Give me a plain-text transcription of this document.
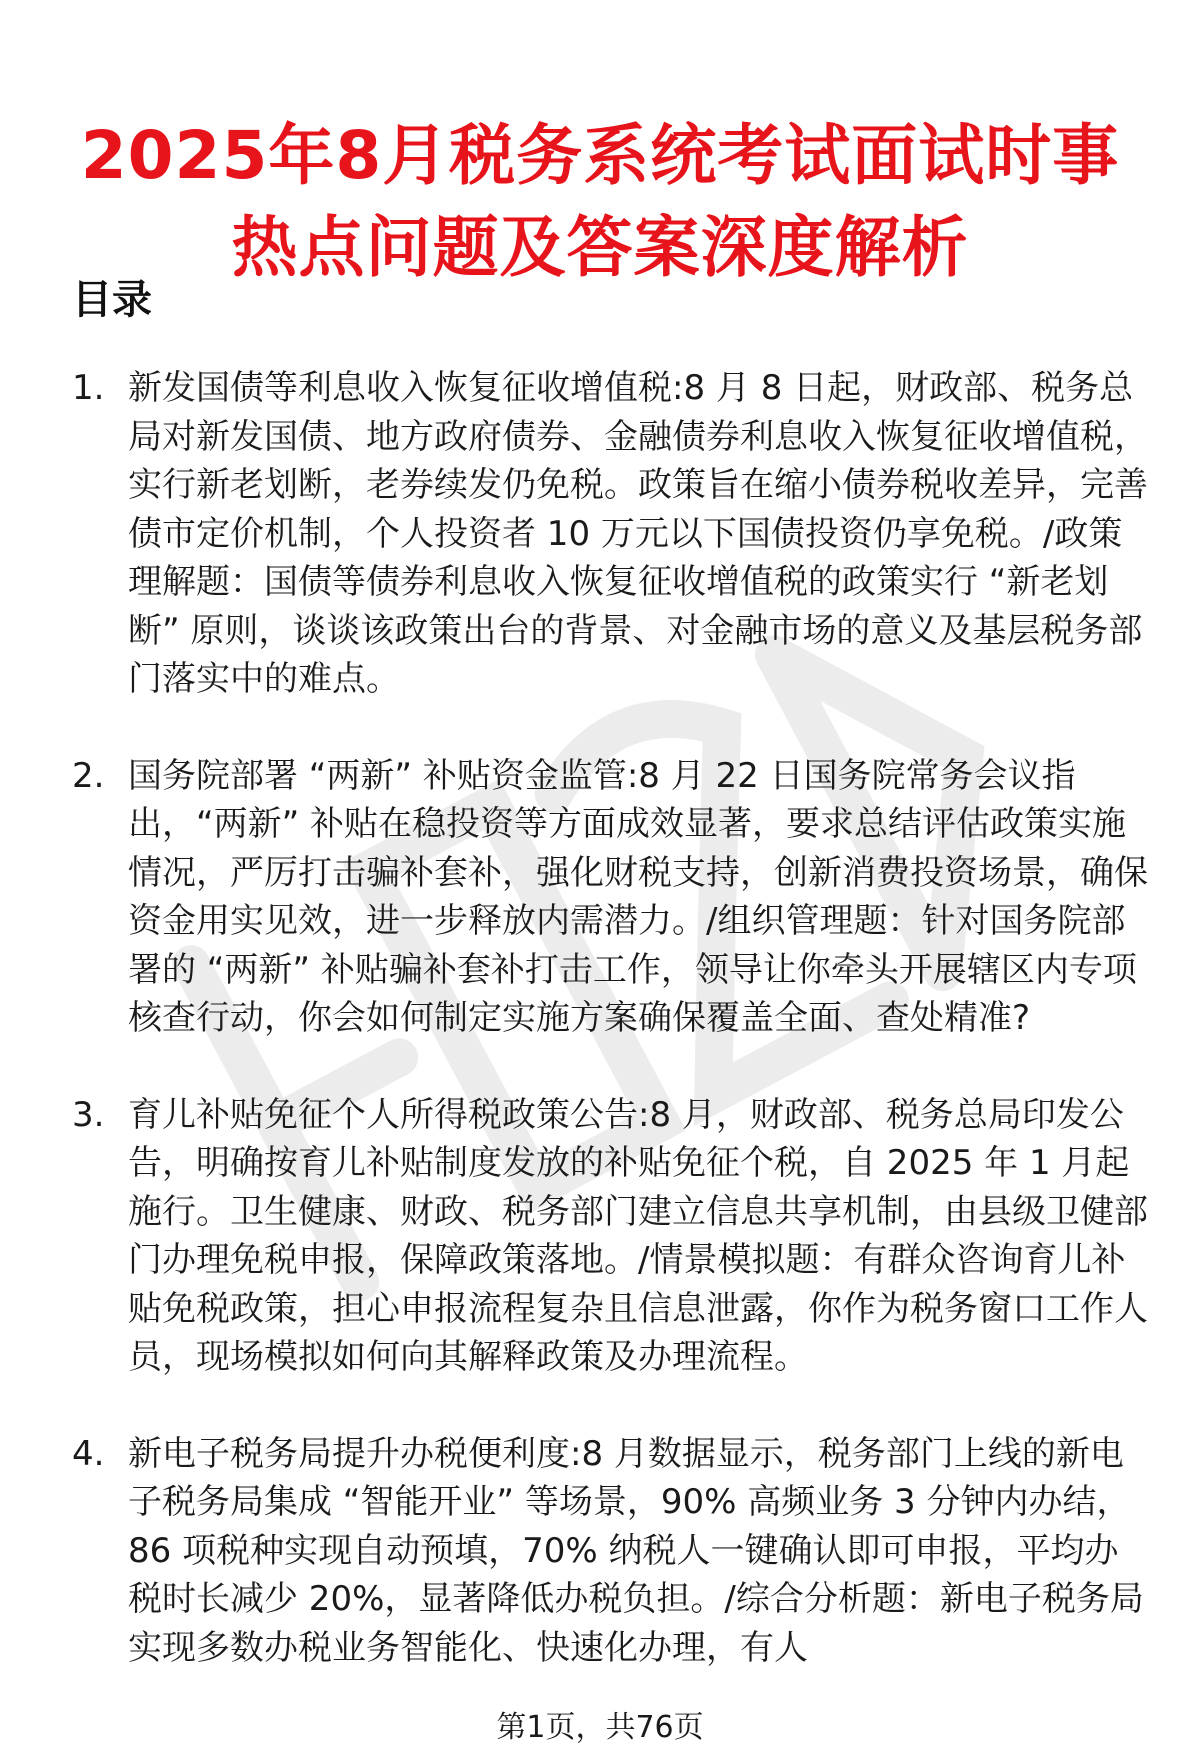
2025年8月税务系统考试面试时事热点问题及答案深度解析
目录
1. 新发国债等利息收入恢复征收增值税:8 月 8 日起，财政部、税务总局对新发国债、地方政府债券、金融债券利息收入恢复征收增值税，实行新老划断，老券续发仍免税。政策旨在缩小债券税收差异，完善债市定价机制，个人投资者 10 万元以下国债投资仍享免税。/政策理解题：国债等债券利息收入恢复征收增值税的政策实行 “新老划断” 原则，谈谈该政策出台的背景、对金融市场的意义及基层税务部门落实中的难点。
2. 国务院部署 “两新” 补贴资金监管:8 月 22 日国务院常务会议指出，“两新” 补贴在稳投资等方面成效显著，要求总结评估政策实施情况，严厉打击骗补套补，强化财税支持，创新消费投资场景，确保资金用实见效，进一步释放内需潜力。/组织管理题：针对国务院部署的 “两新” 补贴骗补套补打击工作，领导让你牵头开展辖区内专项核查行动，你会如何制定实施方案确保覆盖全面、查处精准?
3. 育儿补贴免征个人所得税政策公告:8 月，财政部、税务总局印发公告，明确按育儿补贴制度发放的补贴免征个税，自 2025 年 1 月起施行。卫生健康、财政、税务部门建立信息共享机制，由县级卫健部门办理免税申报，保障政策落地。/情景模拟题：有群众咨询育儿补贴免税政策，担心申报流程复杂且信息泄露，你作为税务窗口工作人员，现场模拟如何向其解释政策及办理流程。
4. 新电子税务局提升办税便利度:8 月数据显示，税务部门上线的新电子税务局集成 “智能开业” 等场景，90% 高频业务 3 分钟内办结，86 项税种实现自动预填，70% 纳税人一键确认即可申报，平均办税时长减少 20%，显著降低办税负担。/综合分析题：新电子税务局实现多数办税业务智能化、快速化办理，有人
第1页，共76页
